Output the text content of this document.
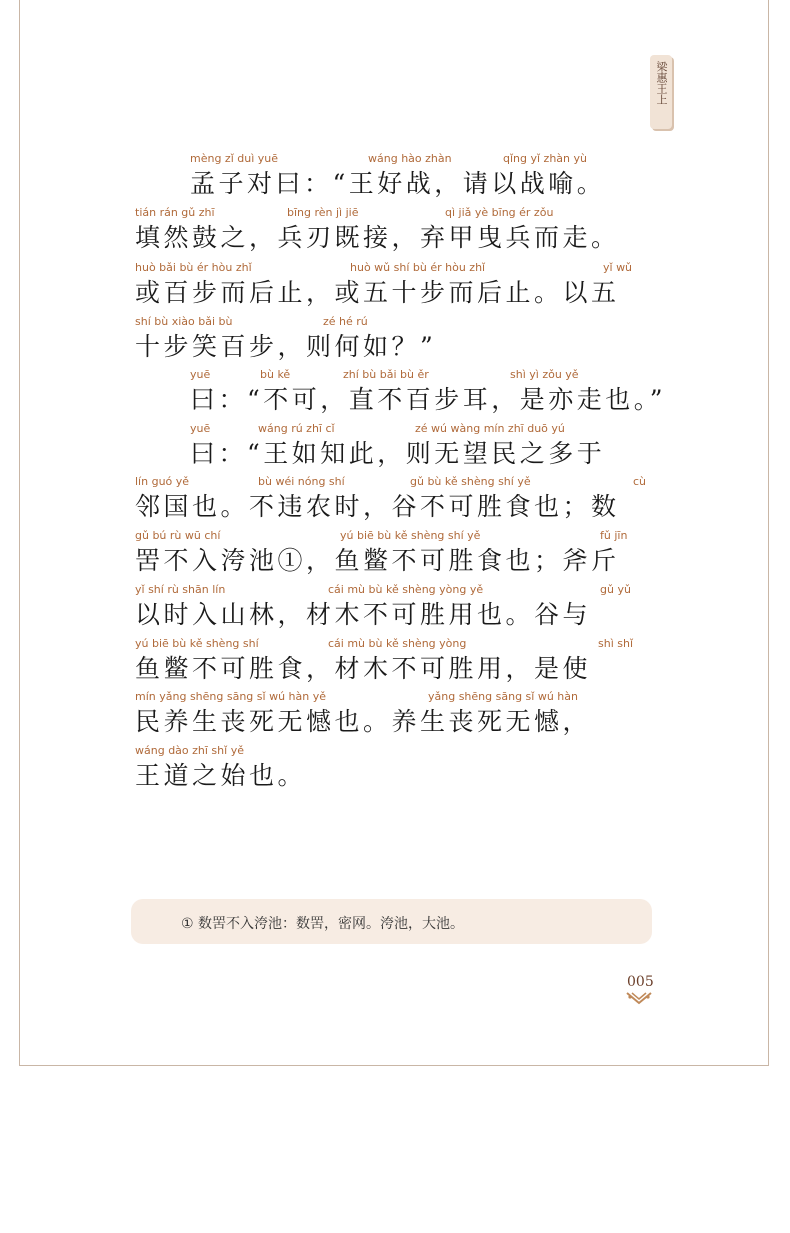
梁惠王上
mèng zǐ duì yuē	wáng hào zhàn	qǐng yǐ zhàn yù
孟子对曰：“王好战，请以战喻。
tián rán gǔ zhī	bīng rèn jì jiē	qì jiǎ yè bīng ér zǒu
填然鼓之，兵刃既接，弃甲曳兵而走。
huò bǎi bù ér hòu zhǐ	huò wǔ shí bù ér hòu zhǐ	yǐ wǔ
或百步而后止，或五十步而后止。以五
shí bù xiào bǎi bù	zé hé rú
十步笑百步，则何如？”
yuē	bù kě	zhí bù bǎi bù ěr	shì yì zǒu yě
曰：“不可，直不百步耳，是亦走也。”
yuē	wáng rú zhī cǐ	zé wú wàng mín zhī duō yú
曰：“王如知此，则无望民之多于
lín guó yě	bù wéi nóng shí	gǔ bù kě shèng shí yě	cù
邻国也。不违农时，谷不可胜食也；数
gǔ bú rù wū chí	yú biē bù kě shèng shí yě	fǔ jīn
罟不入洿池①，鱼鳖不可胜食也；斧斤
yǐ shí rù shān lín	cái mù bù kě shèng yòng yě	gǔ yǔ
以时入山林，材木不可胜用也。谷与
yú biē bù kě shèng shí	cái mù bù kě shèng yòng	shì shǐ
鱼鳖不可胜食，材木不可胜用，是使
mín yǎng shēng sāng sǐ wú hàn yě	yǎng shēng sāng sǐ wú hàn
民养生丧死无憾也。养生丧死无憾，
wáng dào zhī shǐ yě
王道之始也。
① 数罟不入洿池：数罟，密网。洿池，大池。
005
